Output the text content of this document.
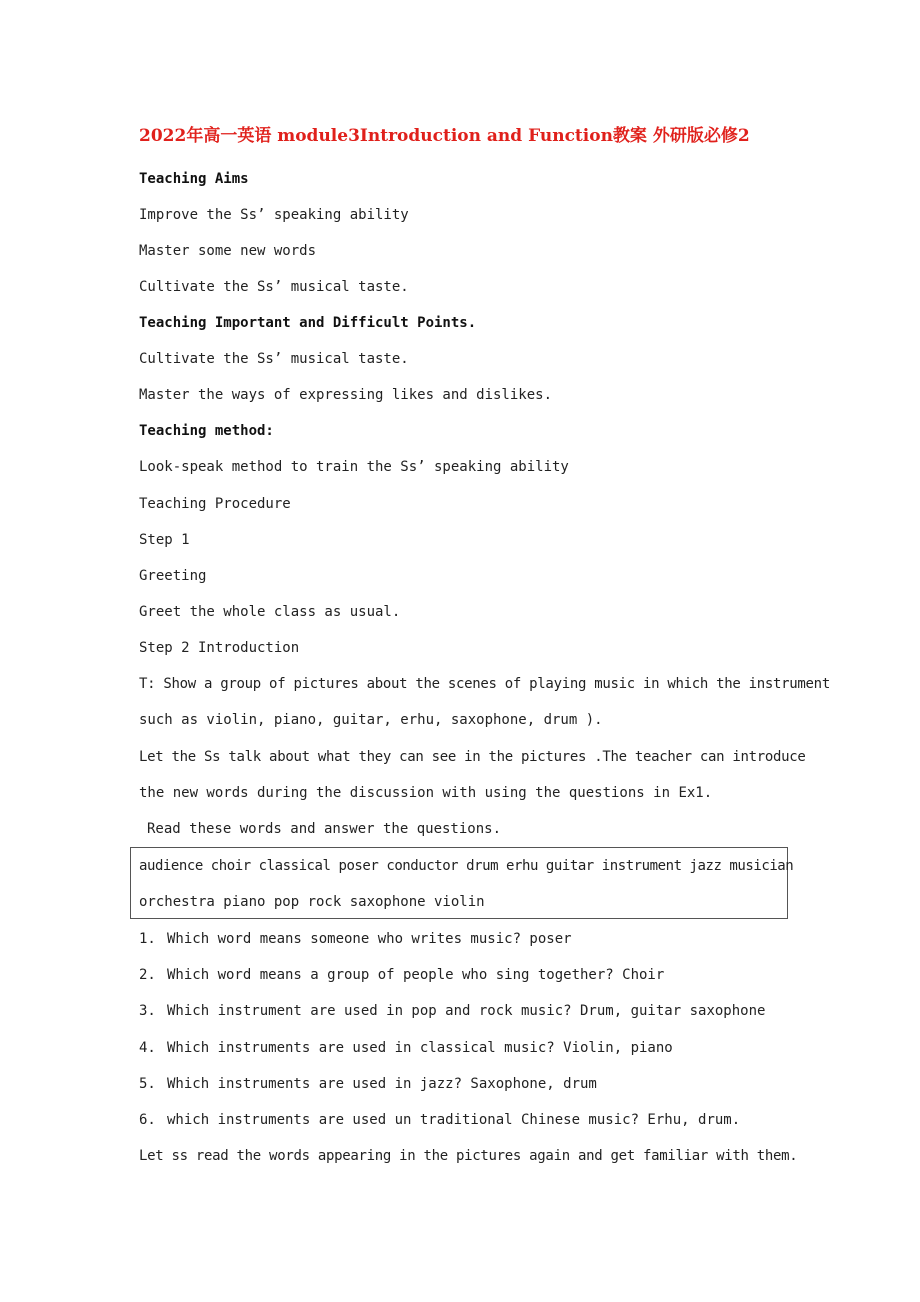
2022年高一英语 module3Introduction and Function教案 外研版必修2
Teaching Aims
Improve the Ss’ speaking ability
Master some new words
Cultivate the Ss’ musical taste.
Teaching Important and Difficult Points.
Cultivate the Ss’ musical taste.
Master the ways of expressing likes and dislikes.
Teaching method:
Look-speak method to train the Ss’ speaking ability
Teaching Procedure
Step 1
Greeting
Greet the whole class as usual.
Step 2 Introduction
T: Show a group of pictures about the scenes of playing music in which the instrument
such as violin, piano, guitar, erhu, saxophone, drum ).
Let the Ss talk about what they can see in the pictures .The teacher can introduce
the new words during the discussion with using the questions in Ex1.
Read these words and answer the questions.
audience choir classical poser conductor drum erhu guitar instrument jazz musician
orchestra piano pop rock saxophone violin
1. Which word means someone who writes music? poser
2. Which word means a group of people who sing together? Choir
3. Which instrument are used in pop and rock music? Drum, guitar saxophone
4. Which instruments are used in classical music? Violin, piano
5. Which instruments are used in jazz? Saxophone, drum
6. which instruments are used un traditional Chinese music? Erhu, drum.
Let ss read the words appearing in the pictures again and get familiar with them.
